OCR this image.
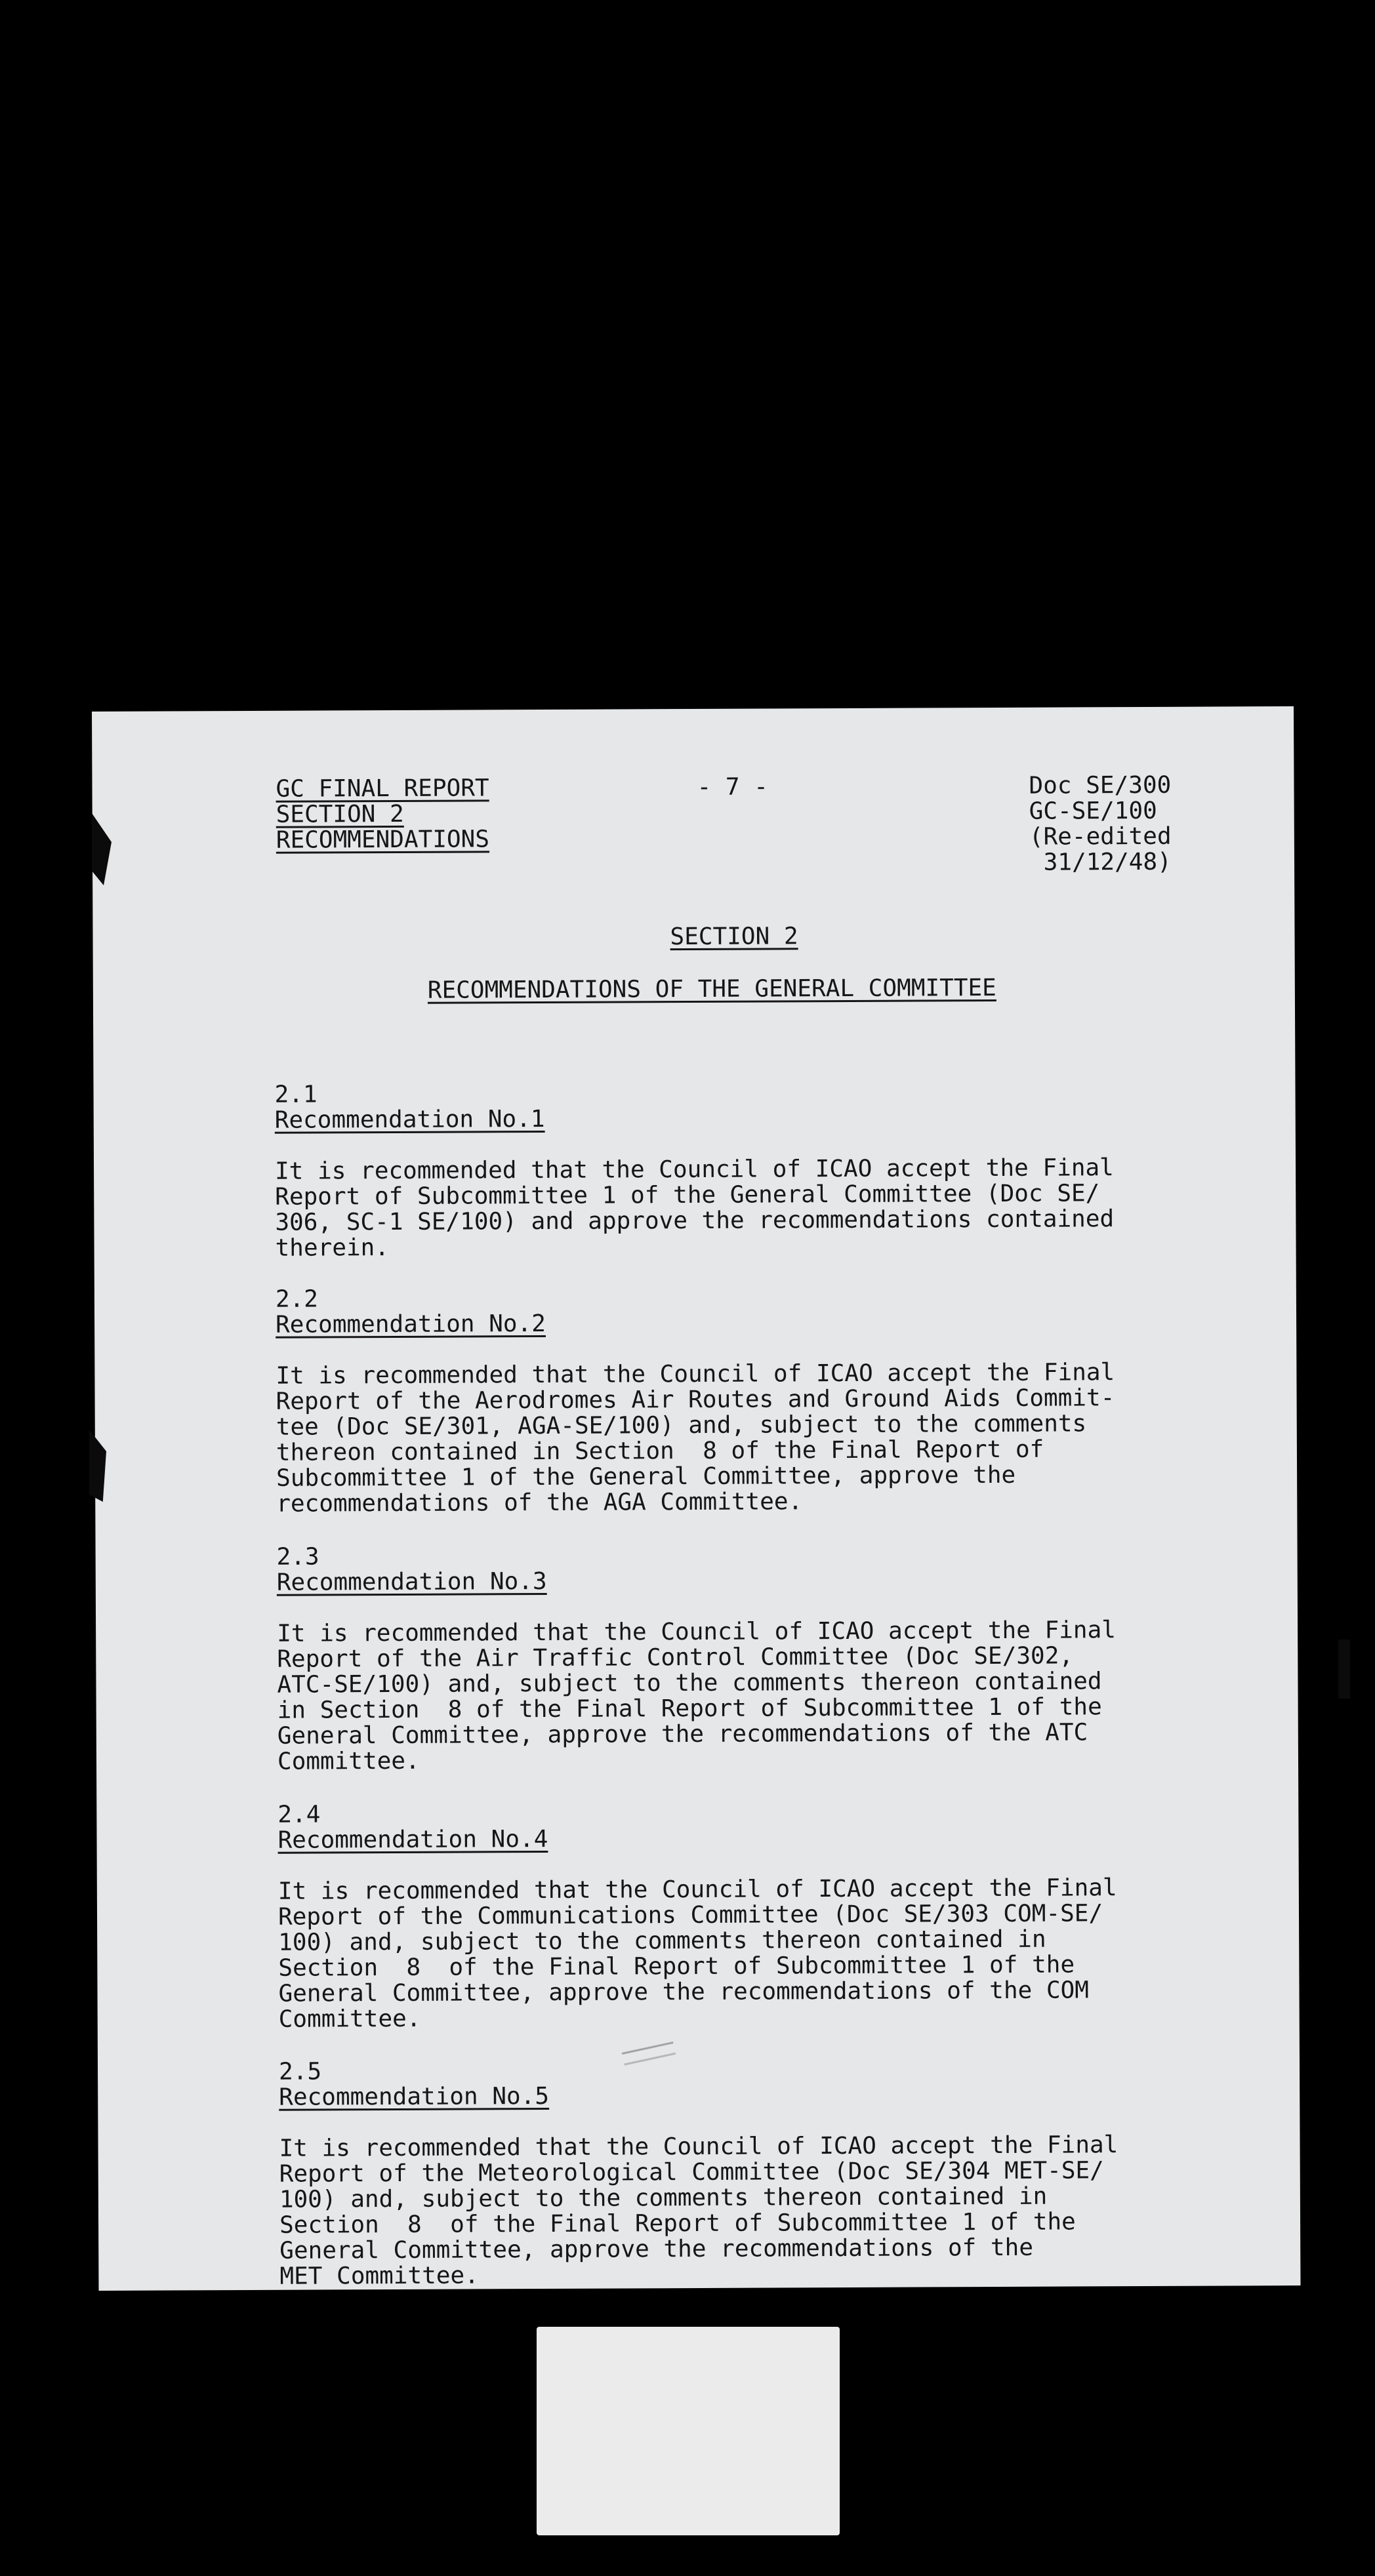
GC FINAL REPORT
SECTION 2
RECOMMENDATIONS
- 7 -	Doc SE/300
GC-SE/100
(Re-edited
31/12/48)
SECTION 2
RECOMMENDATIONS OF THE GENERAL COMMITTEE

2.1
Recommendation No.1
It is recommended that the Council of ICAO accept the Final
Report of Subcommittee 1 of the General Committee (Doc SE/
306, SC-1 SE/100) and approve the recommendations contained
therein.

2.2
Recommendation No.2
It is recommended that the Council of ICAO accept the Final
Report of the Aerodromes Air Routes and Ground Aids Commit-
tee (Doc SE/301, AGA-SE/100) and, subject to the comments
thereon contained in Section  8 of the Final Report of
Subcommittee 1 of the General Committee, approve the
recommendations of the AGA Committee.

2.3
Recommendation No.3
It is recommended that the Council of ICAO accept the Final
Report of the Air Traffic Control Committee (Doc SE/302,
ATC-SE/100) and, subject to the comments thereon contained
in Section  8 of the Final Report of Subcommittee 1 of the
General Committee, approve the recommendations of the ATC
Committee.

2.4
Recommendation No.4
It is recommended that the Council of ICAO accept the Final
Report of the Communications Committee (Doc SE/303 COM-SE/
100) and, subject to the comments thereon contained in
Section  8  of the Final Report of Subcommittee 1 of the
General Committee, approve the recommendations of the COM
Committee.

2.5
Recommendation No.5
It is recommended that the Council of ICAO accept the Final
Report of the Meteorological Committee (Doc SE/304 MET-SE/
100) and, subject to the comments thereon contained in
Section  8  of the Final Report of Subcommittee 1 of the
General Committee, approve the recommendations of the
MET Committee.
